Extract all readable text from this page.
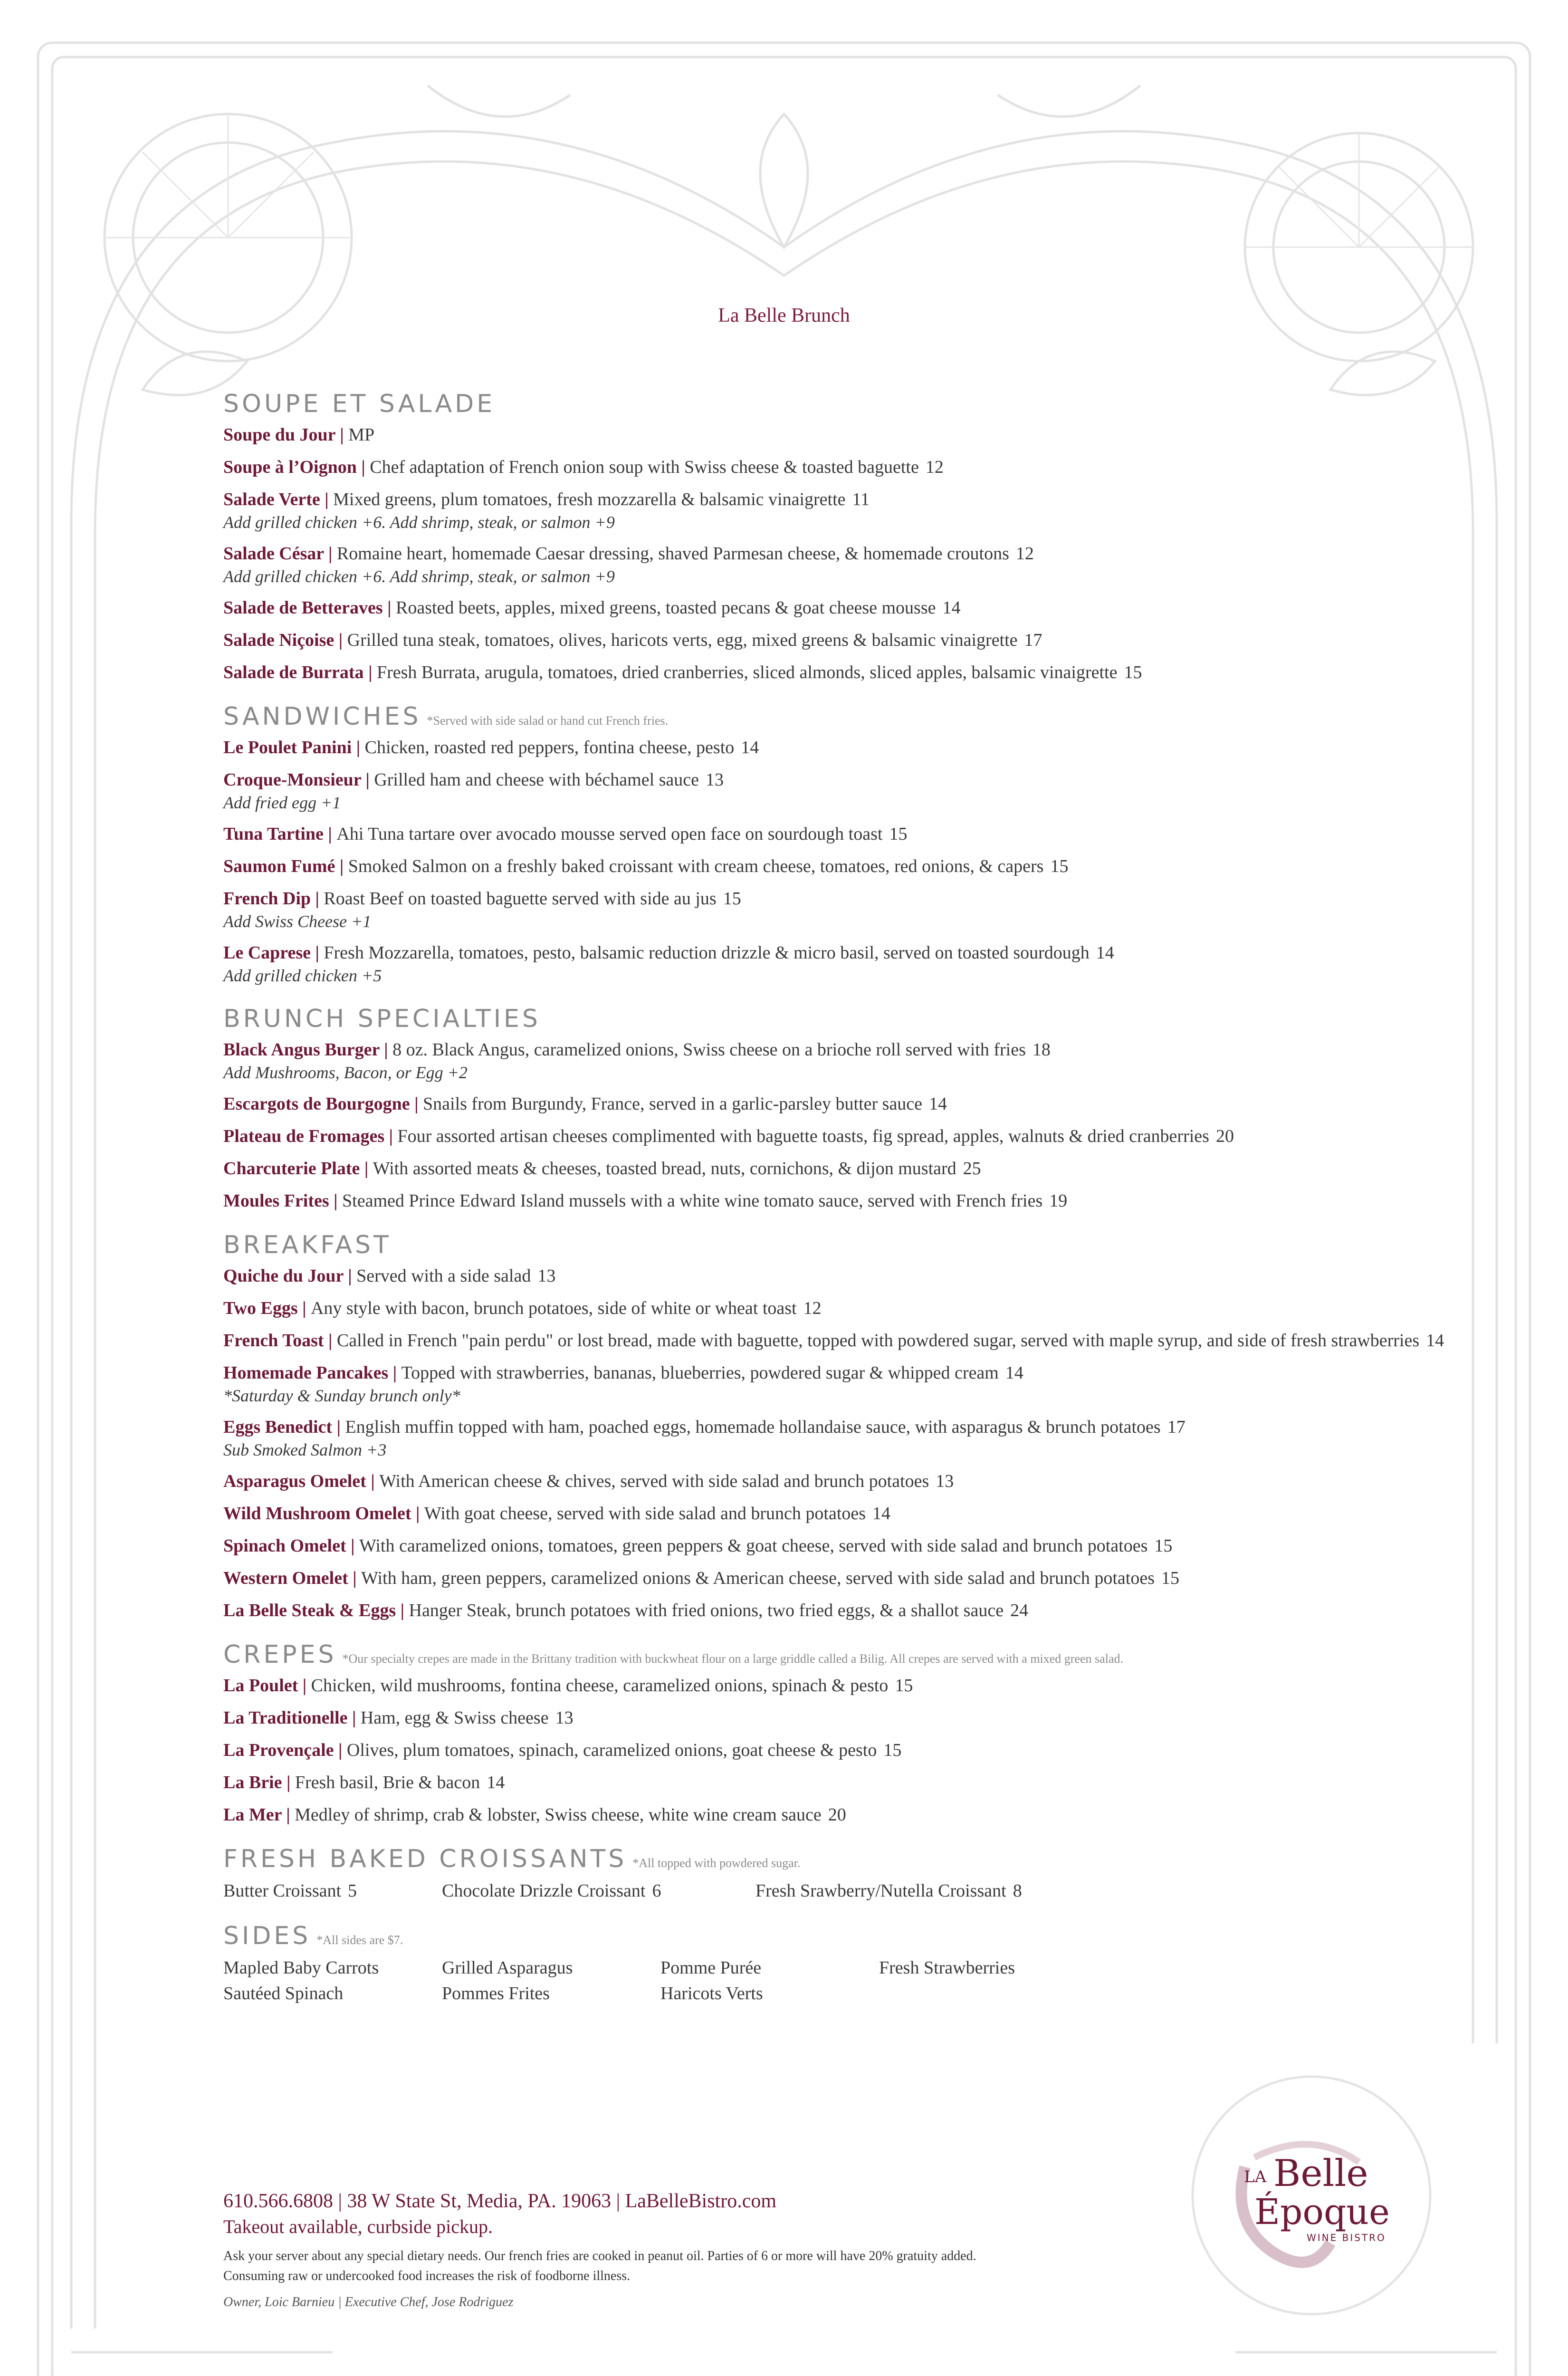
La Belle Brunch
SOUPE ET SALADE
Soupe du Jour | MP
Soupe à l’Oignon | Chef adaptation of French onion soup with Swiss cheese & toasted baguette 12
Salade Verte | Mixed greens, plum tomatoes, fresh mozzarella & balsamic vinaigrette 11
Add grilled chicken +6. Add shrimp, steak, or salmon +9
Salade César | Romaine heart, homemade Caesar dressing, shaved Parmesan cheese, & homemade croutons 12
Add grilled chicken +6. Add shrimp, steak, or salmon +9
Salade de Betteraves | Roasted beets, apples, mixed greens, toasted pecans & goat cheese mousse 14
Salade Niçoise | Grilled tuna steak, tomatoes, olives, haricots verts, egg, mixed greens & balsamic vinaigrette 17
Salade de Burrata | Fresh Burrata, arugula, tomatoes, dried cranberries, sliced almonds, sliced apples, balsamic vinaigrette 15
SANDWICHES *Served with side salad or hand cut French fries.
Le Poulet Panini | Chicken, roasted red peppers, fontina cheese, pesto 14
Croque-Monsieur | Grilled ham and cheese with béchamel sauce 13
Add fried egg +1
Tuna Tartine | Ahi Tuna tartare over avocado mousse served open face on sourdough toast 15
Saumon Fumé | Smoked Salmon on a freshly baked croissant with cream cheese, tomatoes, red onions, & capers 15
French Dip | Roast Beef on toasted baguette served with side au jus 15
Add Swiss Cheese +1
Le Caprese | Fresh Mozzarella, tomatoes, pesto, balsamic reduction drizzle & micro basil, served on toasted sourdough 14
Add grilled chicken +5
BRUNCH SPECIALTIES
Black Angus Burger | 8 oz. Black Angus, caramelized onions, Swiss cheese on a brioche roll served with fries 18
Add Mushrooms, Bacon, or Egg +2
Escargots de Bourgogne | Snails from Burgundy, France, served in a garlic-parsley butter sauce 14
Plateau de Fromages | Four assorted artisan cheeses complimented with baguette toasts, fig spread, apples, walnuts & dried cranberries 20
Charcuterie Plate | With assorted meats & cheeses, toasted bread, nuts, cornichons, & dijon mustard 25
Moules Frites | Steamed Prince Edward Island mussels with a white wine tomato sauce, served with French fries 19
BREAKFAST
Quiche du Jour | Served with a side salad 13
Two Eggs | Any style with bacon, brunch potatoes, side of white or wheat toast 12
French Toast | Called in French "pain perdu" or lost bread, made with baguette, topped with powdered sugar, served with maple syrup, and side of fresh strawberries 14
Homemade Pancakes | Topped with strawberries, bananas, blueberries, powdered sugar & whipped cream 14
*Saturday & Sunday brunch only*
Eggs Benedict | English muffin topped with ham, poached eggs, homemade hollandaise sauce, with asparagus & brunch potatoes 17
Sub Smoked Salmon +3
Asparagus Omelet | With American cheese & chives, served with side salad and brunch potatoes 13
Wild Mushroom Omelet | With goat cheese, served with side salad and brunch potatoes 14
Spinach Omelet | With caramelized onions, tomatoes, green peppers & goat cheese, served with side salad and brunch potatoes 15
Western Omelet | With ham, green peppers, caramelized onions & American cheese, served with side salad and brunch potatoes 15
La Belle Steak & Eggs | Hanger Steak, brunch potatoes with fried onions, two fried eggs, & a shallot sauce 24
CREPES *Our specialty crepes are made in the Brittany tradition with buckwheat flour on a large griddle called a Bilig. All crepes are served with a mixed green salad.
La Poulet | Chicken, wild mushrooms, fontina cheese, caramelized onions, spinach & pesto 15
La Traditionelle | Ham, egg & Swiss cheese 13
La Provençale | Olives, plum tomatoes, spinach, caramelized onions, goat cheese & pesto 15
La Brie | Fresh basil, Brie & bacon 14
La Mer | Medley of shrimp, crab & lobster, Swiss cheese, white wine cream sauce 20
FRESH BAKED CROISSANTS *All topped with powdered sugar.
Butter Croissant 5	Chocolate Drizzle Croissant 6	Fresh Srawberry/Nutella Croissant 8
SIDES *All sides are $7.
Mapled Baby Carrots	Grilled Asparagus	Pomme Purée	Fresh Strawberries
Sautéed Spinach	Pommes Frites	Haricots Verts
610.566.6808 | 38 W State St, Media, PA. 19063 | LaBelleBistro.com
Takeout available, curbside pickup.
Ask your server about any special dietary needs. Our french fries are cooked in peanut oil. Parties of 6 or more will have 20% gratuity added.
Consuming raw or undercooked food increases the risk of foodborne illness.
Owner, Loic Barnieu | Executive Chef, Jose Rodriguez
LA Belle
Époque
WINE BISTRO
